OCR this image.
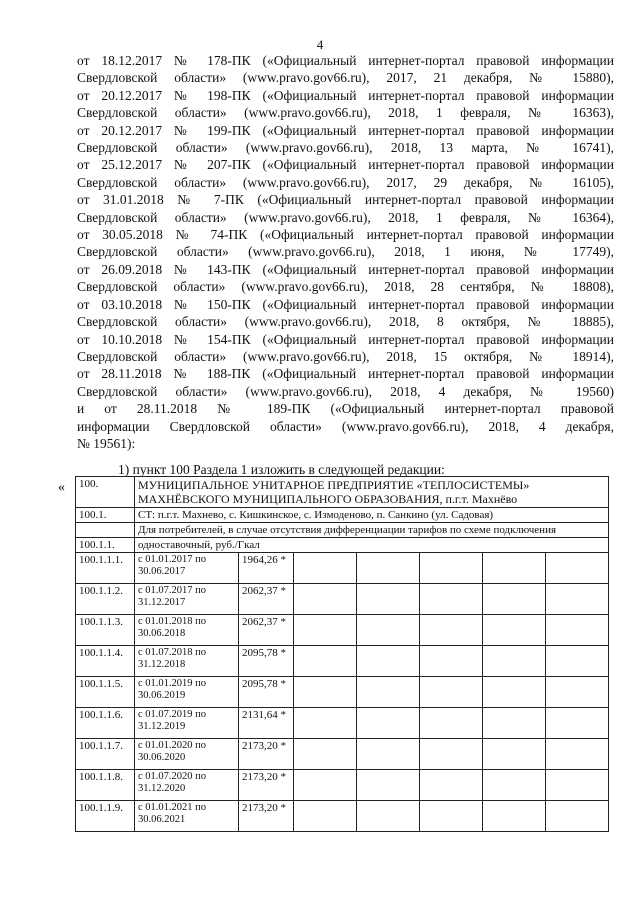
4

от 18.12.2017 № 178-ПК («Официальный интернет-портал правовой информации

Свердловской области» (www.pravo.gov66.ru), 2017, 21 декабря, № 15880),

от 20.12.2017 № 198-ПК («Официальный интернет-портал правовой информации

Свердловской области» (www.pravo.gov66.ru), 2018, 1 февраля, № 16363),

от 20.12.2017 № 199-ПК («Официальный интернет-портал правовой информации

Свердловской области» (www.pravo.gov66.ru), 2018, 13 марта, № 16741),

от 25.12.2017 № 207-ПК («Официальный интернет-портал правовой информации

Свердловской области» (www.pravo.gov66.ru), 2017, 29 декабря, № 16105),

от 31.01.2018 № 7-ПК («Официальный интернет-портал правовой информации

Свердловской области» (www.pravo.gov66.ru), 2018, 1 февраля, № 16364),

от 30.05.2018 № 74-ПК («Официальный интернет-портал правовой информации

Свердловской области» (www.pravo.gov66.ru), 2018, 1 июня, № 17749),

от 26.09.2018 № 143-ПК («Официальный интернет-портал правовой информации

Свердловской области» (www.pravo.gov66.ru), 2018, 28 сентября, № 18808),

от 03.10.2018 № 150-ПК («Официальный интернет-портал правовой информации

Свердловской области» (www.pravo.gov66.ru), 2018, 8 октября, № 18885),

от 10.10.2018 № 154-ПК («Официальный интернет-портал правовой информации

Свердловской области» (www.pravo.gov66.ru), 2018, 15 октября, № 18914),

от 28.11.2018 № 188-ПК («Официальный интернет-портал правовой информации

Свердловской области» (www.pravo.gov66.ru), 2018, 4 декабря, № 19560)

и от 28.11.2018 № 189-ПК («Официальный интернет-портал правовой

информации Свердловской области» (www.pravo.gov66.ru), 2018, 4 декабря,

№ 19561):

1) пункт 100 Раздела 1 изложить в следующей редакции:
« 100.	МУНИЦИПАЛЬНОЕ УНИТАРНОЕ ПРЕДПРИЯТИЕ «ТЕПЛОСИСТЕМЫ» МАХНЁВСКОГО МУНИЦИПАЛЬНОГО ОБРАЗОВАНИЯ, п.г.т. Махнёво						
100.1.	СТ: п.г.т. Махнево, с. Кишкинское, с. Измоденово, п. Санкино (ул. Садовая)						
	Для потребителей, в случае отсутствия дифференциации тарифов по схеме подключения						
100.1.1.	одноставочный, руб./Гкал						
100.1.1.1.	с 01.01.2017 по 30.06.2017	1964,26 *					
100.1.1.2.	с 01.07.2017 по 31.12.2017	2062,37 *					
100.1.1.3.	с 01.01.2018 по 30.06.2018	2062,37 *					
100.1.1.4.	с 01.07.2018 по 31.12.2018	2095,78 *					
100.1.1.5.	с 01.01.2019 по 30.06.2019	2095,78 *					
100.1.1.6.	с 01.07.2019 по 31.12.2019	2131,64 *					
100.1.1.7.	с 01.01.2020 по 30.06.2020	2173,20 *					
100.1.1.8.	с 01.07.2020 по 31.12.2020	2173,20 *					
100.1.1.9.	с 01.01.2021 по 30.06.2021	2173,20 *					
